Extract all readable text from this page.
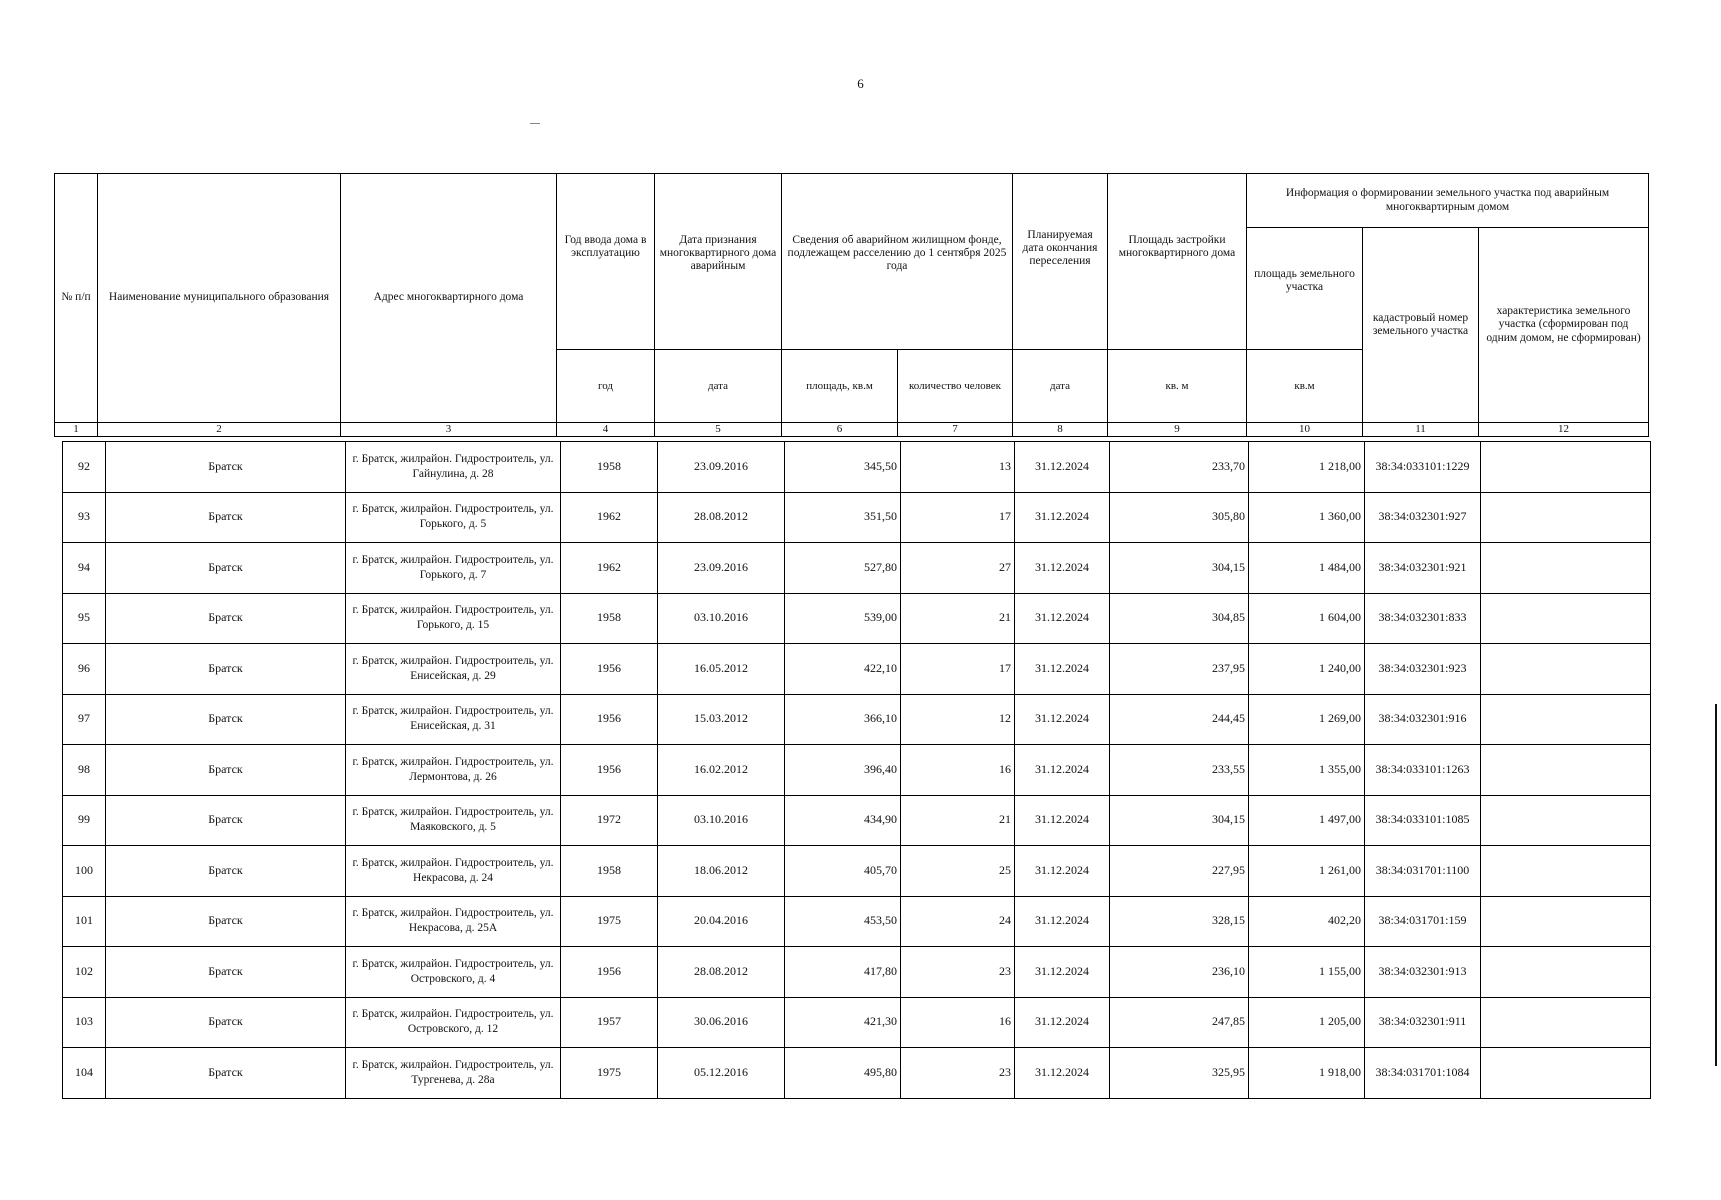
6
№ п/п	Наименование муниципального образования	Адрес многоквартирного дома	Год ввода дома в эксплуатацию	Дата признания многоквартирного дома аварийным	Сведения об аварийном жилищном фонде, подлежащем расселению до 1 сентября 2025 года		Планируемая дата окончания переселения	Площадь застройки многоквартирного дома	Информация о формировании земельного участка под аварийным многоквартирным домом		
									площадь земельного участка	кадастровый номер земельного участка	характеристика земельного участка (сформирован под одним домом, не сформирован)
			год	дата	площадь, кв.м	количество человек	дата	кв. м	кв.м		
1	2	3	4	5	6	7	8	9	10	11	12
92	Братск	г. Братск, жилрайон. Гидростроитель, ул. Гайнулина, д. 28	1958	23.09.2016	345,50	13	31.12.2024	233,70	1 218,00	38:34:033101:1229	
93	Братск	г. Братск, жилрайон. Гидростроитель, ул. Горького, д. 5	1962	28.08.2012	351,50	17	31.12.2024	305,80	1 360,00	38:34:032301:927	
94	Братск	г. Братск, жилрайон. Гидростроитель, ул. Горького, д. 7	1962	23.09.2016	527,80	27	31.12.2024	304,15	1 484,00	38:34:032301:921	
95	Братск	г. Братск, жилрайон. Гидростроитель, ул. Горького, д. 15	1958	03.10.2016	539,00	21	31.12.2024	304,85	1 604,00	38:34:032301:833	
96	Братск	г. Братск, жилрайон. Гидростроитель, ул. Енисейская, д. 29	1956	16.05.2012	422,10	17	31.12.2024	237,95	1 240,00	38:34:032301:923	
97	Братск	г. Братск, жилрайон. Гидростроитель, ул. Енисейская, д. 31	1956	15.03.2012	366,10	12	31.12.2024	244,45	1 269,00	38:34:032301:916	
98	Братск	г. Братск, жилрайон. Гидростроитель, ул. Лермонтова, д. 26	1956	16.02.2012	396,40	16	31.12.2024	233,55	1 355,00	38:34:033101:1263	
99	Братск	г. Братск, жилрайон. Гидростроитель, ул. Маяковского, д. 5	1972	03.10.2016	434,90	21	31.12.2024	304,15	1 497,00	38:34:033101:1085	
100	Братск	г. Братск, жилрайон. Гидростроитель, ул. Некрасова, д. 24	1958	18.06.2012	405,70	25	31.12.2024	227,95	1 261,00	38:34:031701:1100	
101	Братск	г. Братск, жилрайон. Гидростроитель, ул. Некрасова, д. 25А	1975	20.04.2016	453,50	24	31.12.2024	328,15	402,20	38:34:031701:159	
102	Братск	г. Братск, жилрайон. Гидростроитель, ул. Островского, д. 4	1956	28.08.2012	417,80	23	31.12.2024	236,10	1 155,00	38:34:032301:913	
103	Братск	г. Братск, жилрайон. Гидростроитель, ул. Островского, д. 12	1957	30.06.2016	421,30	16	31.12.2024	247,85	1 205,00	38:34:032301:911	
104	Братск	г. Братск, жилрайон. Гидростроитель, ул. Тургенева, д. 28а	1975	05.12.2016	495,80	23	31.12.2024	325,95	1 918,00	38:34:031701:1084	
